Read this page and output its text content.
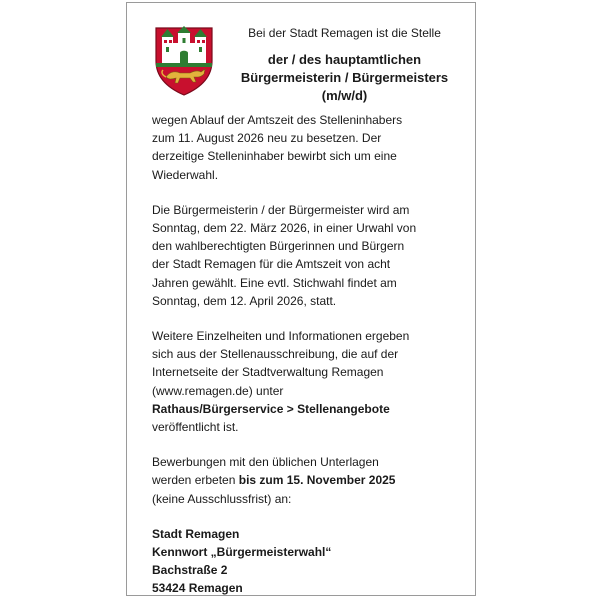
Bei der Stadt Remagen ist die Stelle
der / des hauptamtlichen
Bürgermeisterin / Bürgermeisters
(m/w/d)

wegen Ablauf der Amtszeit des Stelleninhabers
zum 11. August 2026 neu zu besetzen. Der
derzeitige Stelleninhaber bewirbt sich um eine
Wiederwahl.

Die Bürgermeisterin / der Bürgermeister wird am
Sonntag, dem 22. März 2026, in einer Urwahl von
den wahlberechtigten Bürgerinnen und Bürgern
der Stadt Remagen für die Amtszeit von acht
Jahren gewählt. Eine evtl. Stichwahl findet am
Sonntag, dem 12. April 2026, statt.

Weitere Einzelheiten und Informationen ergeben
sich aus der Stellenausschreibung, die auf der
Internetseite der Stadtverwaltung Remagen
(www.remagen.de) unter
Rathaus/Bürgerservice > Stellenangebote
veröffentlicht ist.

Bewerbungen mit den üblichen Unterlagen
werden erbeten bis zum 15. November 2025
(keine Ausschlussfrist) an:

Stadt Remagen
Kennwort „Bürgermeisterwahl“
Bachstraße 2
53424 Remagen
